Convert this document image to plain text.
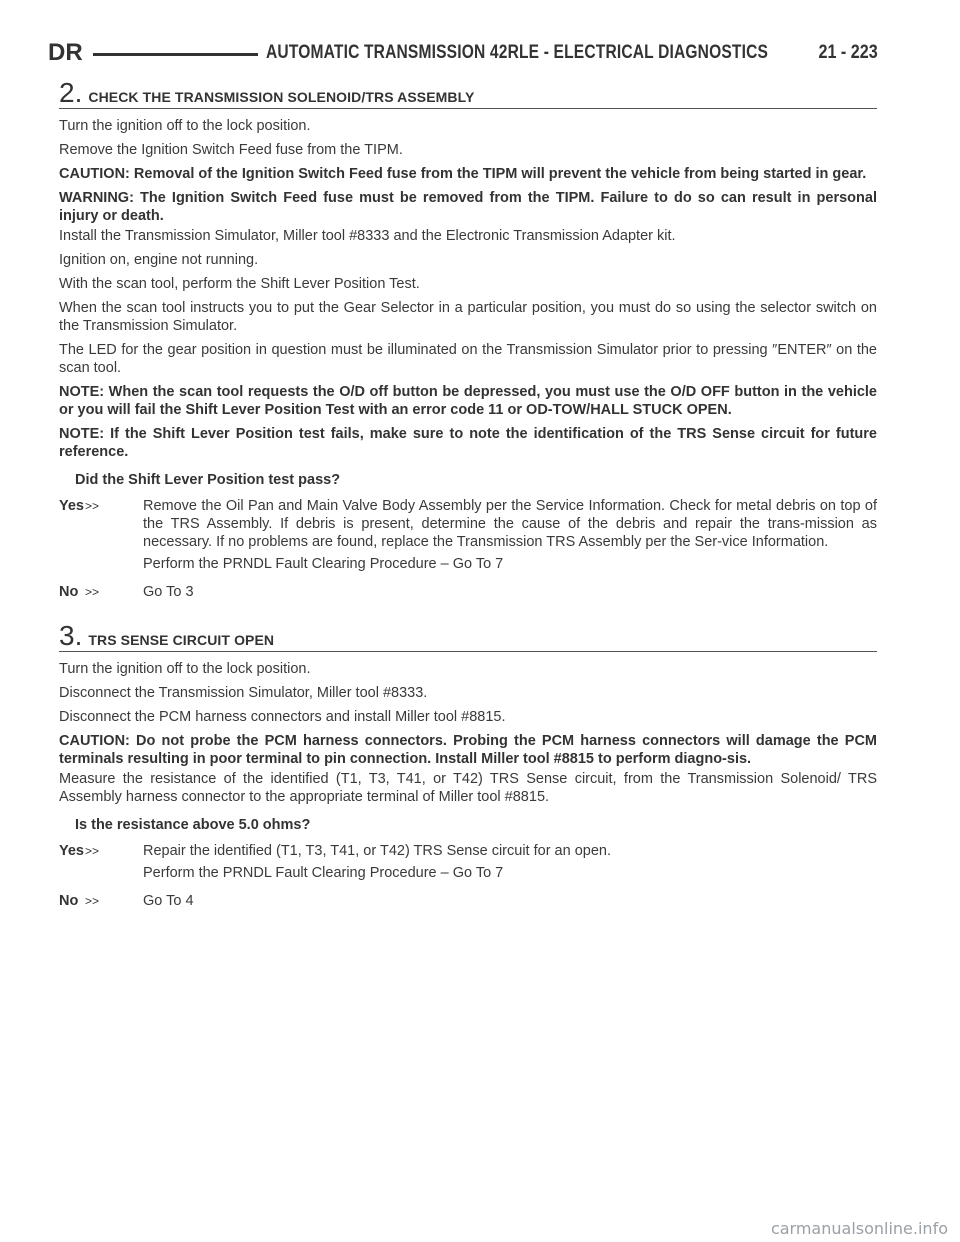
DR	AUTOMATIC TRANSMISSION 42RLE - ELECTRICAL DIAGNOSTICS	21 - 223
2. CHECK THE TRANSMISSION SOLENOID/TRS ASSEMBLY

Turn the ignition off to the lock position.

Remove the Ignition Switch Feed fuse from the TIPM.

CAUTION: Removal of the Ignition Switch Feed fuse from the TIPM will prevent the vehicle from being started in gear.

WARNING: The Ignition Switch Feed fuse must be removed from the TIPM. Failure to do so can result in personal injury or death.

Install the Transmission Simulator, Miller tool #8333 and the Electronic Transmission Adapter kit.

Ignition on, engine not running.

With the scan tool, perform the Shift Lever Position Test.

When the scan tool instructs you to put the Gear Selector in a particular position, you must do so using the selector switch on the Transmission Simulator.

The LED for the gear position in question must be illuminated on the Transmission Simulator prior to pressing ″ENTER″ on the scan tool.

NOTE: When the scan tool requests the O/D off button be depressed, you must use the O/D OFF button in the vehicle or you will fail the Shift Lever Position Test with an error code 11 or OD-TOW/HALL STUCK OPEN.

NOTE: If the Shift Lever Position test fails, make sure to note the identification of the TRS Sense circuit for future reference.

Did the Shift Lever Position test pass?
Yes >>	Remove the Oil Pan and Main Valve Body Assembly per the Service Information. Check for metal debris on top of the TRS Assembly. If debris is present, determine the cause of the debris and repair the trans-mission as necessary. If no problems are found, replace the Transmission TRS Assembly per the Ser-vice Information.

Perform the PRNDL Fault Clearing Procedure – Go To 7

No >>	Go To 3

3. TRS SENSE CIRCUIT OPEN

Turn the ignition off to the lock position.

Disconnect the Transmission Simulator, Miller tool #8333.

Disconnect the PCM harness connectors and install Miller tool #8815.

CAUTION: Do not probe the PCM harness connectors. Probing the PCM harness connectors will damage the PCM terminals resulting in poor terminal to pin connection. Install Miller tool #8815 to perform diagno-sis.

Measure the resistance of the identified (T1, T3, T41, or T42) TRS Sense circuit, from the Transmission Solenoid/ TRS Assembly harness connector to the appropriate terminal of Miller tool #8815.

Is the resistance above 5.0 ohms?
Yes >>	Repair the identified (T1, T3, T41, or T42) TRS Sense circuit for an open.

Perform the PRNDL Fault Clearing Procedure – Go To 7

No >>	Go To 4

carmanualsonline.info
